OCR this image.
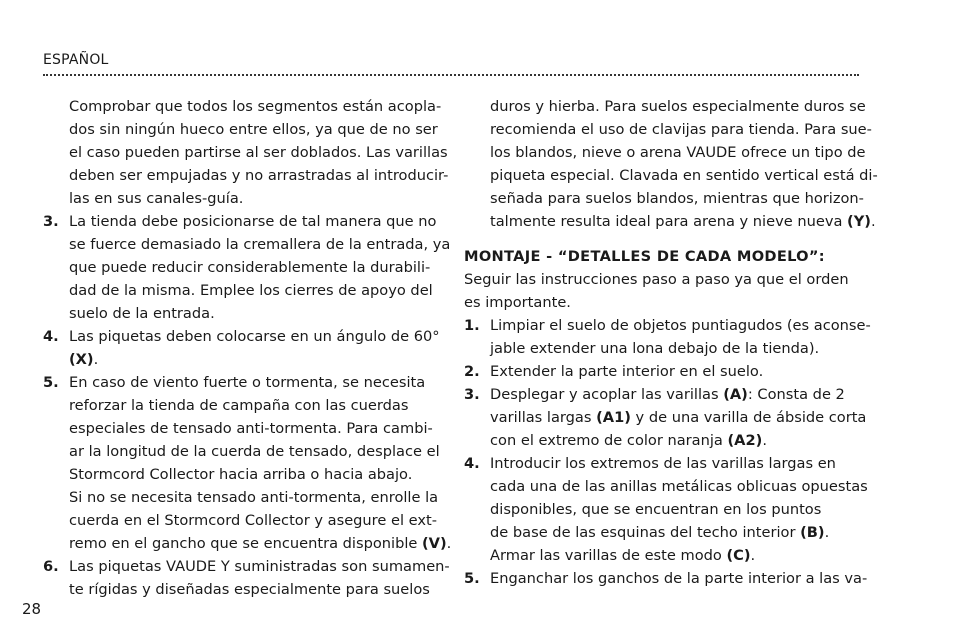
ESPAÑOL
Comprobar que todos los segmentos están acopla-
dos sin ningún hueco entre ellos, ya que de no ser
el caso pueden partirse al ser doblados. Las varillas
deben ser empujadas y no arrastradas al introducir-
las en sus canales-guía.
3. La tienda debe posicionarse de tal manera que no
se fuerce demasiado la cremallera de la entrada, ya
que puede reducir considerablemente la durabili-
dad de la misma. Emplee los cierres de apoyo del
suelo de la entrada.
4. Las piquetas deben colocarse en un ángulo de 60°
(X).
5. En caso de viento fuerte o tormenta, se necesita
reforzar la tienda de campaña con las cuerdas
especiales de tensado anti-tormenta. Para cambi-
ar la longitud de la cuerda de tensado, desplace el
Stormcord Collector hacia arriba o hacia abajo.
Si no se necesita tensado anti-tormenta, enrolle la
cuerda en el Stormcord Collector y asegure el ext-
remo en el gancho que se encuentra disponible (V).
6. Las piquetas VAUDE Y suministradas son sumamen-
te rígidas y diseñadas especialmente para suelos
duros y hierba. Para suelos especialmente duros se
recomienda el uso de clavijas para tienda. Para sue-
los blandos, nieve o arena VAUDE ofrece un tipo de
piqueta especial. Clavada en sentido vertical está di-
señada para suelos blandos, mientras que horizon-
talmente resulta ideal para arena y nieve nueva (Y).
MONTAJE - “DETALLES DE CADA MODELO”:
Seguir las instrucciones paso a paso ya que el orden
es importante.
1. Limpiar el suelo de objetos puntiagudos (es aconse-
jable extender una lona debajo de la tienda).
2. Extender la parte interior en el suelo.
3. Desplegar y acoplar las varillas (A): Consta de 2
varillas largas (A1) y de una varilla de ábside corta
con el extremo de color naranja (A2).
4. Introducir los extremos de las varillas largas en
cada una de las anillas metálicas oblicuas opuestas
disponibles, que se encuentran en los puntos
de base de las esquinas del techo interior (B).
Armar las varillas de este modo (C).
5. Enganchar los ganchos de la parte interior a las va-
28
